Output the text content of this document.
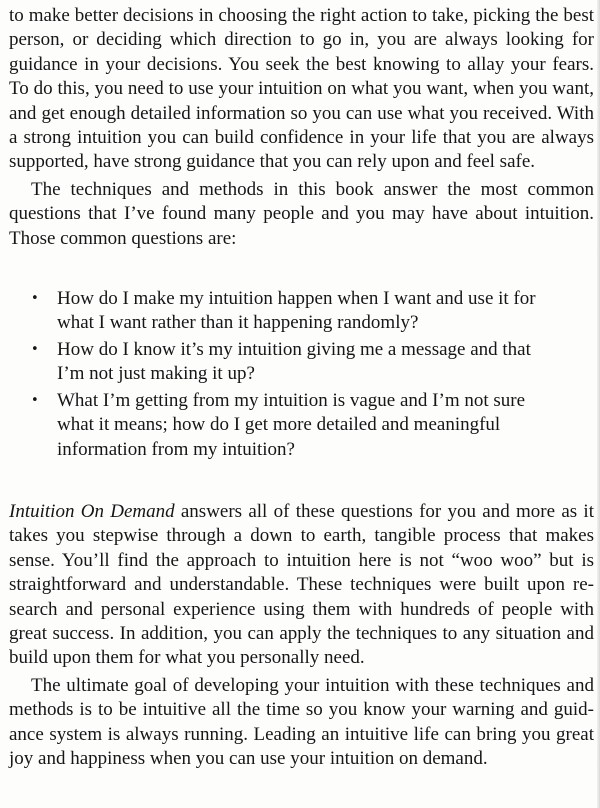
to make better decisions in choosing the right action to take, picking the best person, or deciding which direction to go in, you are always looking for guidance in your decisions. You seek the best knowing to allay your fears. To do this, you need to use your intuition on what you want, when you want, and get enough detailed information so you can use what you received. With a strong intuition you can build confidence in your life that you are always supported, have strong guidance that you can rely upon and feel safe.

The techniques and methods in this book answer the most common questions that I’ve found many people and you may have about intuition. Those common questions are:

• How do I make my intuition happen when I want and use it for what I want rather than it happening randomly?
• How do I know it’s my intuition giving me a message and that I’m not just making it up?
• What I’m getting from my intuition is vague and I’m not sure what it means; how do I get more detailed and meaningful information from my intuition?

Intuition On Demand answers all of these questions for you and more as it takes you stepwise through a down to earth, tangible process that makes sense. You’ll find the approach to intuition here is not “woo woo” but is straightforward and understandable. These techniques were built upon research and personal experience using them with hundreds of people with great success. In addition, you can apply the techniques to any situation and build upon them for what you personally need.

The ultimate goal of developing your intuition with these techniques and methods is to be intuitive all the time so you know your warning and guidance system is always running. Leading an intuitive life can bring you great joy and happiness when you can use your intuition on demand.
